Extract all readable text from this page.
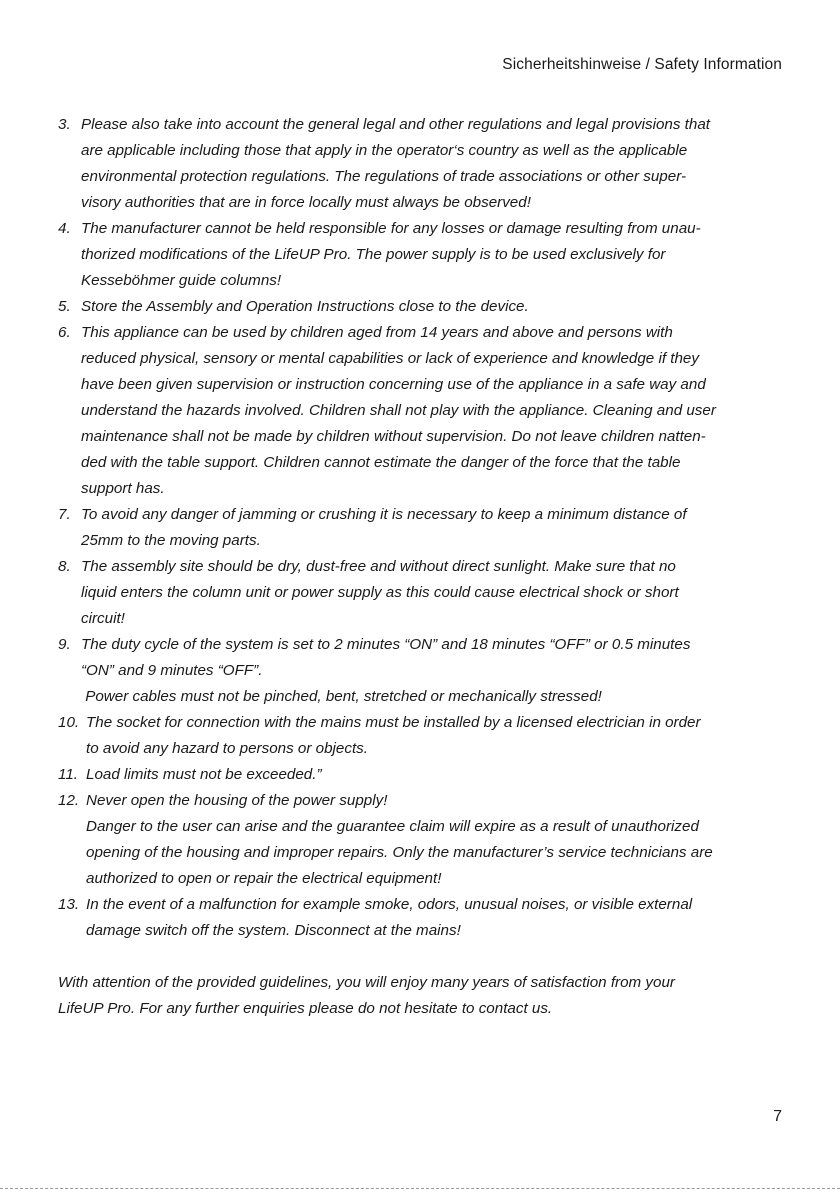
Sicherheitshinweise / Safety Information
3. Please also take into account the general legal and other regulations and legal provisions that
are applicable including those that apply in the operator‘s country as well as the applicable
environmental protection regulations. The regulations of trade associations or other super-
visory authorities that are in force locally must always be observed!
4. The manufacturer cannot be held responsible for any losses or damage resulting from unau-
thorized modifications of the LifeUP Pro. The power supply is to be used exclusively for
Kesseböhmer guide columns!
5. Store the Assembly and Operation Instructions close to the device.
6. This appliance can be used by children aged from 14 years and above and persons with
reduced physical, sensory or mental capabilities or lack of experience and knowledge if they
have been given supervision or instruction concerning use of the appliance in a safe way and
understand the hazards involved. Children shall not play with the appliance. Cleaning and user
maintenance shall not be made by children without supervision. Do not leave children natten-
ded with the table support. Children cannot estimate the danger of the force that the table
support has.
7. To avoid any danger of jamming or crushing it is necessary to keep a minimum distance of
25mm to the moving parts.
8. The assembly site should be dry, dust-free and without direct sunlight. Make sure that no
liquid enters the column unit or power supply as this could cause electrical shock or short
circuit!
9. The duty cycle of the system is set to 2 minutes “ON” and 18 minutes “OFF” or 0.5 minutes
“ON” and 9 minutes “OFF”.
Power cables must not be pinched, bent, stretched or mechanically stressed!
10. The socket for connection with the mains must be installed by a licensed electrician in order
to avoid any hazard to persons or objects.
11. Load limits must not be exceeded.”
12. Never open the housing of the power supply!
Danger to the user can arise and the guarantee claim will expire as a result of unauthorized
opening of the housing and improper repairs. Only the manufacturer’s service technicians are
authorized to open or repair the electrical equipment!
13. In the event of a malfunction for example smoke, odors, unusual noises, or visible external
damage switch off the system. Disconnect at the mains!
With attention of the provided guidelines, you will enjoy many years of satisfaction from your
LifeUP Pro. For any further enquiries please do not hesitate to contact us.
7
